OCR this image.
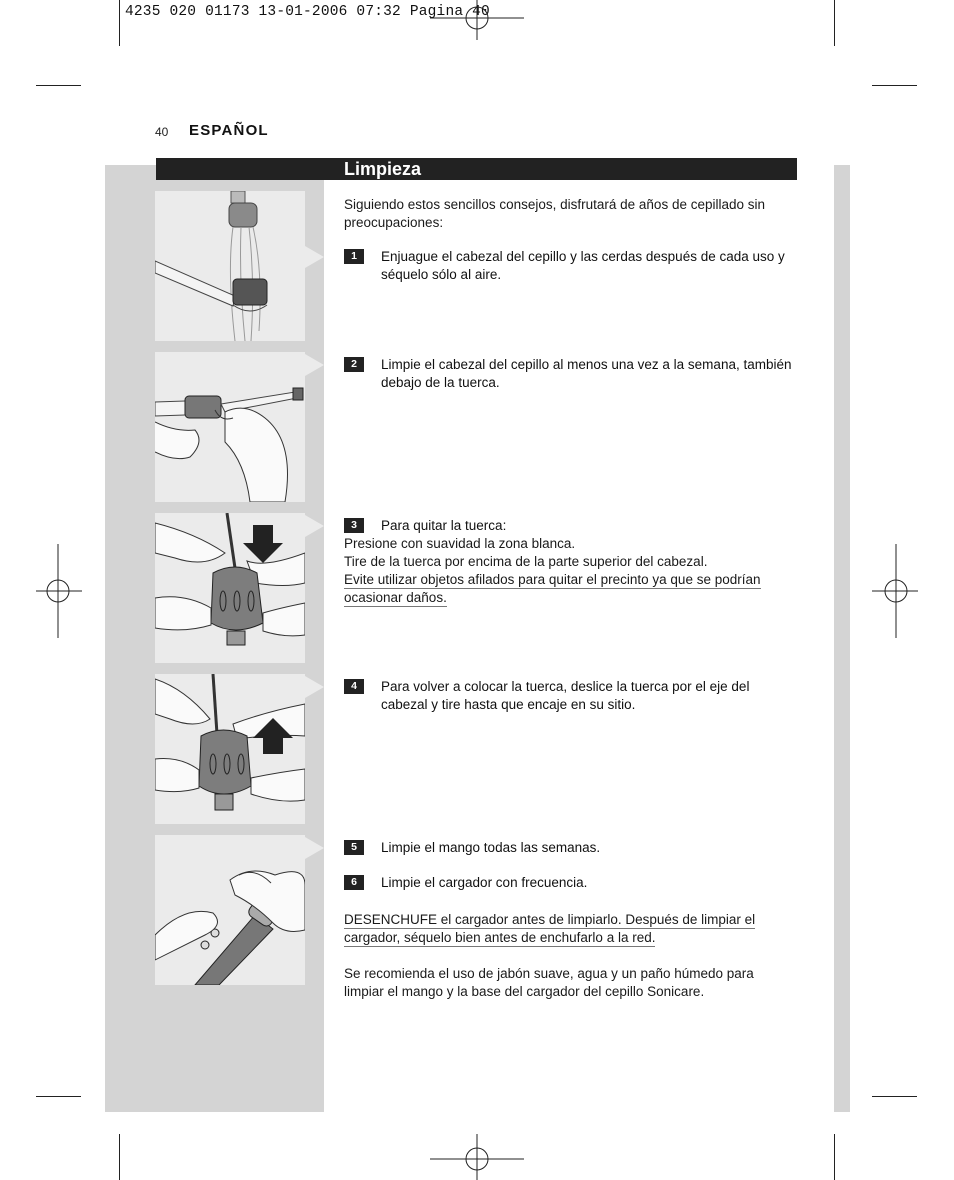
4235 020 01173 13-01-2006 07:32 Pagina 40
40 ESPAÑOL
Limpieza
Siguiendo estos sencillos consejos, disfrutará de años de cepillado sin preocupaciones:
1	Enjuague el cabezal del cepillo y las cerdas después de cada uso y séquelo sólo al aire.
2	Limpie el cabezal del cepillo al menos una vez a la semana, también debajo de la tuerca.
3	Para quitar la tuerca:
Presione con suavidad la zona blanca.
Tire de la tuerca por encima de la parte superior del cabezal.
Evite utilizar objetos afilados para quitar el precinto ya que se podrían
ocasionar daños.
4	Para volver a colocar la tuerca, deslice la tuerca por el eje del cabezal y tire hasta que encaje en su sitio.
5	Limpie el mango todas las semanas.
6	Limpie el cargador con frecuencia.
DESENCHUFE el cargador antes de limpiarlo. Después de limpiar el
cargador, séquelo bien antes de enchufarlo a la red.
Se recomienda el uso de jabón suave, agua y un paño húmedo para limpiar el mango y la base del cargador del cepillo Sonicare.
